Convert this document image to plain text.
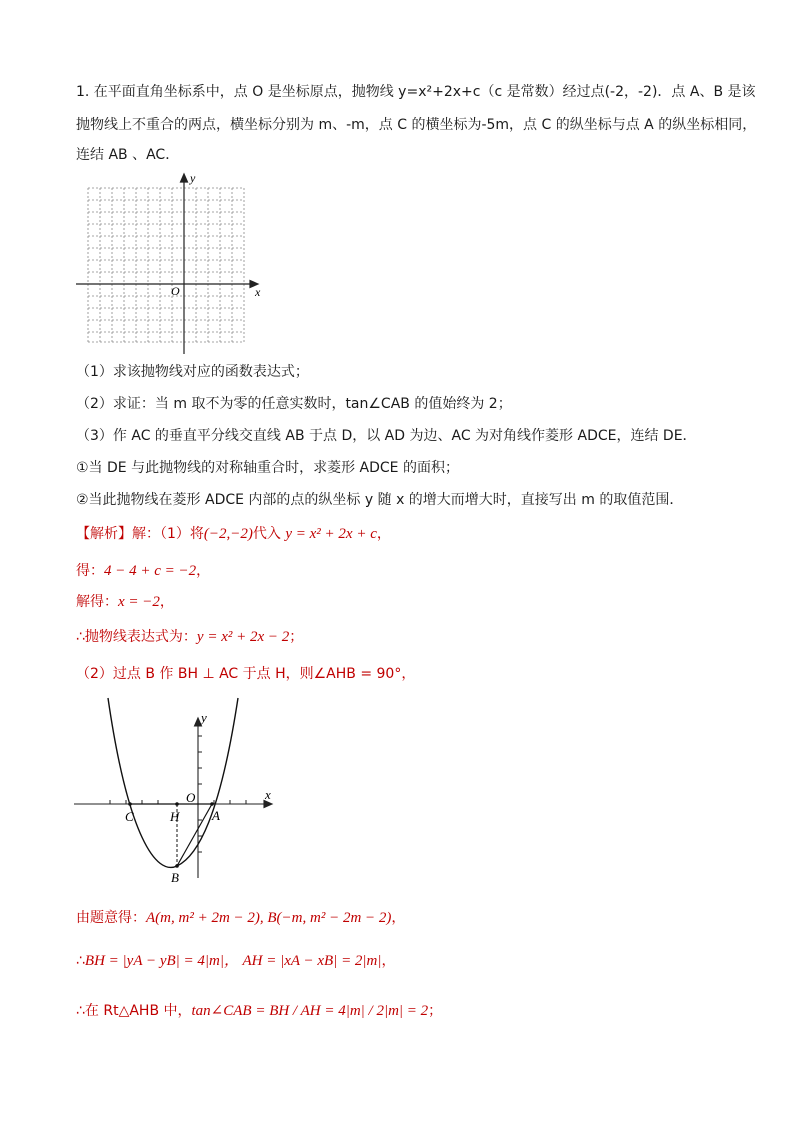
1. 在平面直角坐标系中，点 O 是坐标原点，抛物线 y=x²+2x+c（c 是常数）经过点(-2，-2)．点 A、B 是该
抛物线上不重合的两点，横坐标分别为 m、-m，点 C 的横坐标为-5m，点 C 的纵坐标与点 A 的纵坐标相同，
连结 AB 、AC．
x
y
O
（1）求该抛物线对应的函数表达式；
（2）求证：当 m 取不为零的任意实数时，tan∠CAB 的值始终为 2；
（3）作 AC 的垂直平分线交直线 AB 于点 D，以 AD 为边、AC 为对角线作菱形 ADCE，连结 DE．
①当 DE 与此抛物线的对称轴重合时，求菱形 ADCE 的面积；
②当此抛物线在菱形 ADCE 内部的点的纵坐标 y 随 x 的增大而增大时，直接写出 m 的取值范围．
【解析】解：（1）将(−2,−2)代入 y = x² + 2x + c，
得：4 − 4 + c = −2，
解得：x = −2，
∴抛物线表达式为：y = x² + 2x − 2；
（2）过点 B 作 BH ⊥ AC 于点 H，则∠AHB = 90°，
x
y
O
C	H	A
B
由题意得：A(m, m² + 2m − 2), B(−m, m² − 2m − 2)，
∴BH = |yA − yB| = 4|m|， AH = |xA − xB| = 2|m|，
∴在 Rt△AHB 中，tan∠CAB = BH / AH = 4|m| / 2|m| = 2；
